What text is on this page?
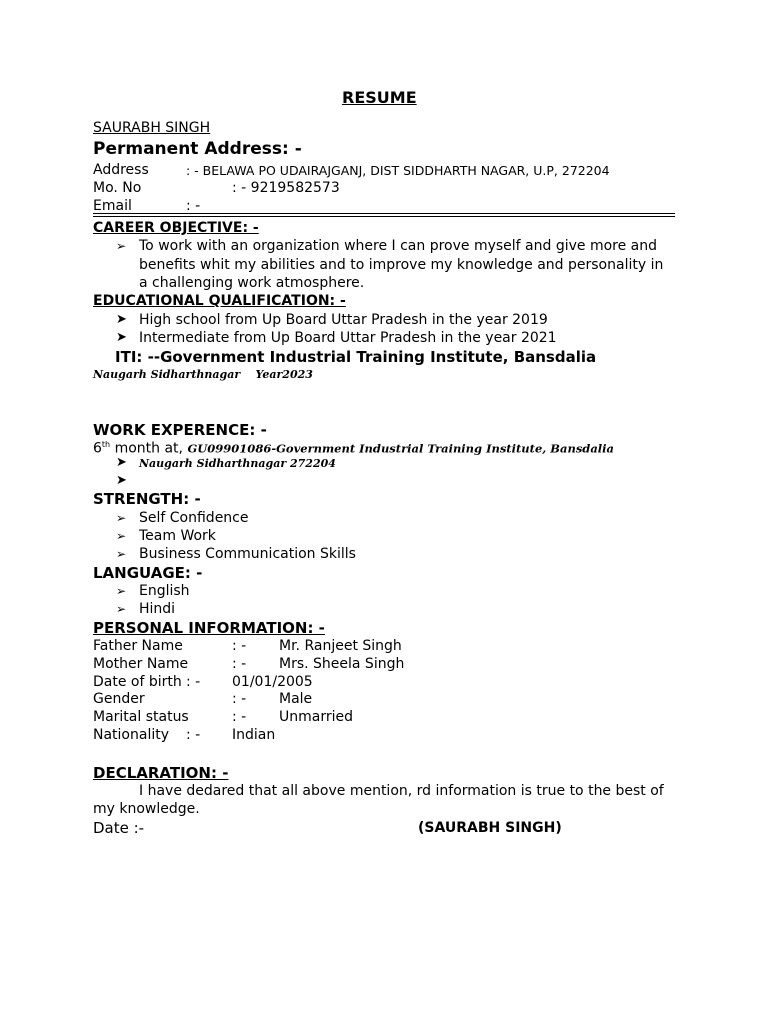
RESUME
SAURABH SINGH
Permanent Address: -
Address	: - BELAWA PO UDAIRAJGANJ, DIST SIDDHARTH NAGAR, U.P, 272204
Mo. No	: - 9219582573
Email	: -
CAREER OBJECTIVE: -
➢ To work with an organization where I can prove myself and give more and
benefits whit my abilities and to improve my knowledge and personality in
a challenging work atmosphere.
EDUCATIONAL QUALIFICATION: -
➤ High school from Up Board Uttar Pradesh in the year 2019
➤ Intermediate from Up Board Uttar Pradesh in the year 2021
ITI: --Government Industrial Training Institute, Bansdalia
Naugarh Sidharthnagar    Year2023
WORK EXPERENCE: -
6th month at, GU09901086-Government Industrial Training Institute, Bansdalia
➤ Naugarh Sidharthnagar 272204
➤
STRENGTH: -
➢ Self Confidence
➢ Team Work
➢ Business Communication Skills
LANGUAGE: -
➢ English
➢ Hindi
PERSONAL INFORMATION: -
Father Name	: - Mr. Ranjeet Singh
Mother Name	: - Mrs. Sheela Singh
Date of birth : - 01/01/2005
Gender	: - Male
Marital status	: - Unmarried
Nationality : - Indian
DECLARATION: -
I have dedared that all above mention, rd information is true to the best of
my knowledge.
Date :-	(SAURABH SINGH)
